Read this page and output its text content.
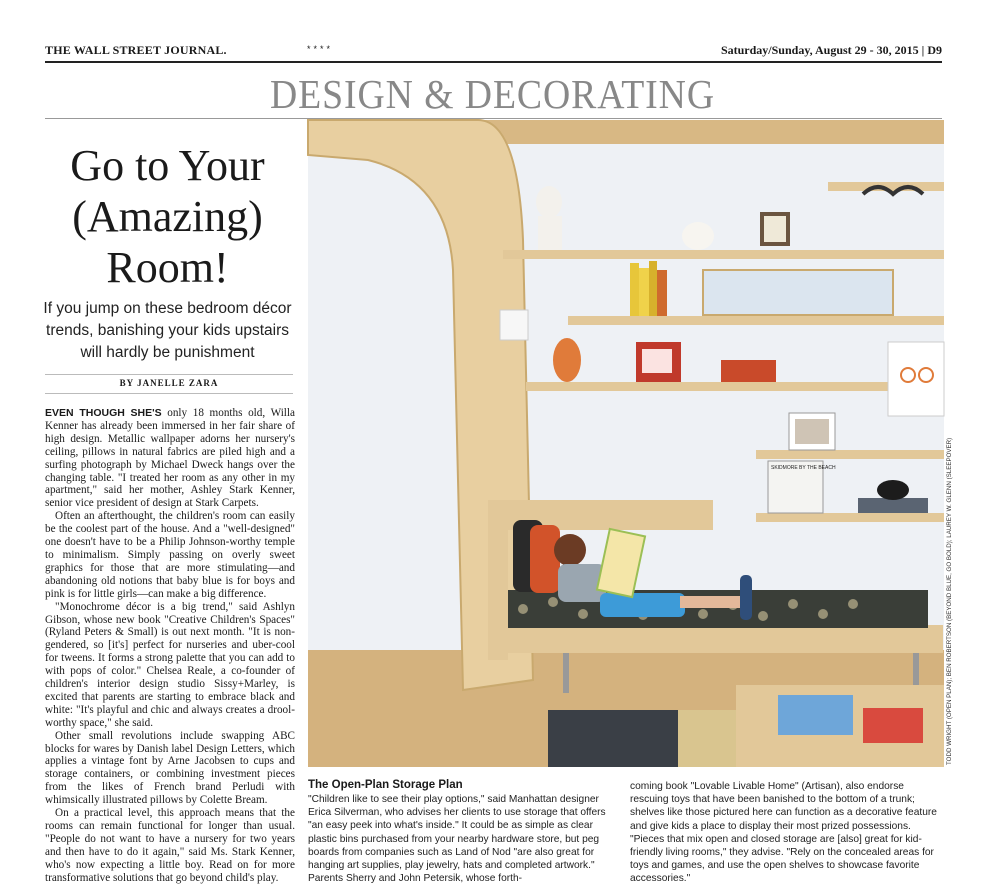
THE WALL STREET JOURNAL.	****	Saturday/Sunday, August 29 - 30, 2015 | D9
DESIGN & DECORATING
Go to Your
(Amazing)
Room!
If you jump on these bedroom décor trends, banishing your kids upstairs will hardly be punishment
BY JANELLE ZARA

EVEN THOUGH SHE'S only 18 months old, Willa Kenner has already been immersed in her fair share of high design. Metallic wallpaper adorns her nursery's ceiling, pillows in natural fabrics are piled high and a surfing photograph by Michael Dweck hangs over the changing table. "I treated her room as any other in my apartment," said her mother, Ashley Stark Kenner, senior vice president of design at Stark Carpets.

Often an afterthought, the children's room can easily be the coolest part of the house. And a "well-designed" one doesn't have to be a Philip Johnson-worthy temple to minimalism. Simply passing on overly sweet graphics for those that are more stimulating—and abandoning old notions that baby blue is for boys and pink is for little girls—can make a big difference.

"Monochrome décor is a big trend," said Ashlyn Gibson, whose new book "Creative Children's Spaces" (Ryland Peters & Small) is out next month. "It is non-gendered, so [it's] perfect for nurseries and uber-cool for tweens. It forms a strong palette that you can add to with pops of color." Chelsea Reale, a co-founder of children's interior design studio Sissy+Marley, is excited that parents are starting to embrace black and white: "It's playful and chic and always creates a drool-worthy space," she said.

Other small revolutions include swapping ABC blocks for wares by Danish label Design Letters, which applies a vintage font by Arne Jacobsen to cups and storage containers, or combining investment pieces from the likes of French brand Perludi with whimsically illustrated pillows by Colette Bream.

On a practical level, this approach means that the rooms can remain functional for longer than usual. "People do not want to have a nursery for two years and then have to do it again," said Ms. Stark Kenner, who's now expecting a little boy. Read on for more transformative solutions that go beyond child's play.

SKIDMORE BY THE BEACH	TODD WRIGHT (OPEN PLAN); BEN ROBERTSON (BEYOND BLUE, GO BOLD); LAUREY W. GLENN (SLEEPOVER)
The Open-Plan Storage Plan
"Children like to see their play options," said Manhattan designer Erica Silverman, who advises her clients to use storage that offers "an easy peek into what's inside." It could be as simple as clear plastic bins purchased from your nearby hardware store, but peg boards from companies such as Land of Nod "are also great for hanging art supplies, play jewelry, hats and completed artwork." Parents Sherry and John Petersik, whose forth-
coming book "Lovable Livable Home" (Artisan), also endorse rescuing toys that have been banished to the bottom of a trunk; shelves like those pictured here can function as a decorative feature and give kids a place to display their most prized possessions. "Pieces that mix open and closed storage are [also] great for kid-friendly living rooms," they advise. "Rely on the concealed areas for toys and games, and use the open shelves to showcase favorite accessories."
